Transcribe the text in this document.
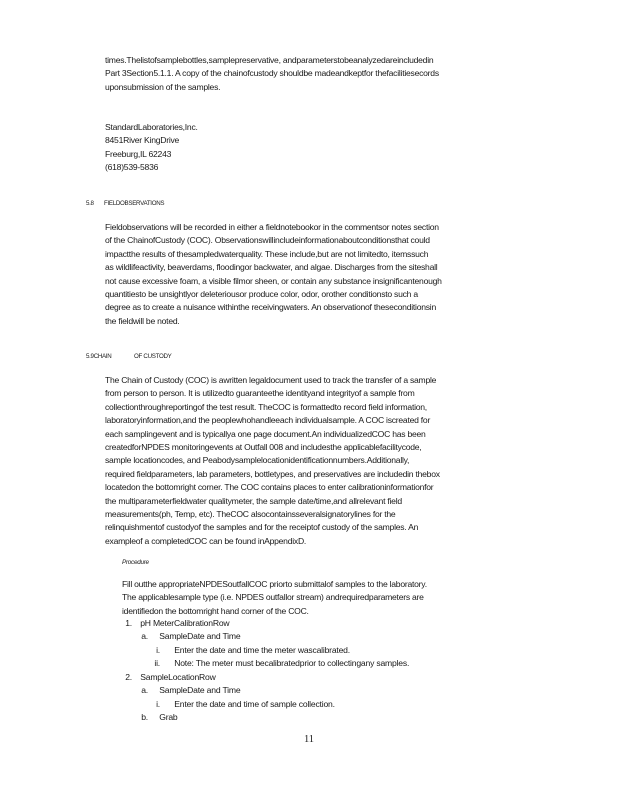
times.Thelistofsamplebottles,samplepreservative, andparameterstobeanalyzedareincludedin
Part 3Section5.1.1. A copy of the chainofcustody shouldbe madeandkeptfor thefacilitiesecords
uponsubmission of the samples.
StandardLaboratories,Inc.
8451River KingDrive
Freeburg,IL 62243
(618)539-5836
5.8 FIELDOBSERVATIONS
Fieldobservations will be recorded in either a fieldnotebookor in the commentsor notes section
of the ChainofCustody (COC). Observationswillincludeinformationaboutconditionsthat could
impactthe results of thesampledwaterquality. These include,but are not limitedto, itemssuch
as wildlifeactivity, beaverdams, floodingor backwater, and algae. Discharges from the siteshall
not cause excessive foam, a visible filmor sheen, or contain any substance insignificantenough
quantitiesto be unsightlyor deleteriousor produce color, odor, orother conditionsto such a
degree as to create a nuisance withinthe receivingwaters. An observationof theseconditionsin
the fieldwill be noted.
5.9CHAIN	OF CUSTODY
The Chain of Custody (COC) is awritten legaldocument used to track the transfer of a sample
from person to person. It is utilizedto guaranteethe identityand integrityof a sample from
collectionthroughreportingof the test result. TheCOC is formattedto record field information,
laboratoryinformation,and the peoplewhohandleeach individualsample. A COC iscreated for
each samplingevent and is typicallya one page document.An individualizedCOC has been
createdforNPDES monitoringevents at Outfall 008 and includesthe applicablefacilitycode,
sample locationcodes, and Peabodysamplelocationidentificationnumbers.Additionally,
required fieldparameters, lab parameters, bottletypes, and preservatives are includedin thebox
locatedon the bottomright corner. The COC contains places to enter calibrationinformationfor
the multiparameterfieldwater qualitymeter, the sample date/time,and allrelevant field
measurements(ph, Temp, etc). TheCOC alsocontainsseveralsignatorylines for the
relinquishmentof custodyof the samples and for the receiptof custody of the samples. An
exampleof a completedCOC can be found inAppendixD.
Procedure
Fill outthe appropriateNPDESoutfallCOC priorto submittalof samples to the laboratory.
The applicablesample type (i.e. NPDES outfallor stream) andrequiredparameters are
identifiedon the bottomright hand corner of the COC.
1. pH MeterCalibrationRow
a. SampleDate and Time
i. Enter the date and time the meter wascalibrated.
ii. Note: The meter must becalibratedprior to collectingany samples.
2. SampleLocationRow
a. SampleDate and Time
i. Enter the date and time of sample collection.
b. Grab
11
